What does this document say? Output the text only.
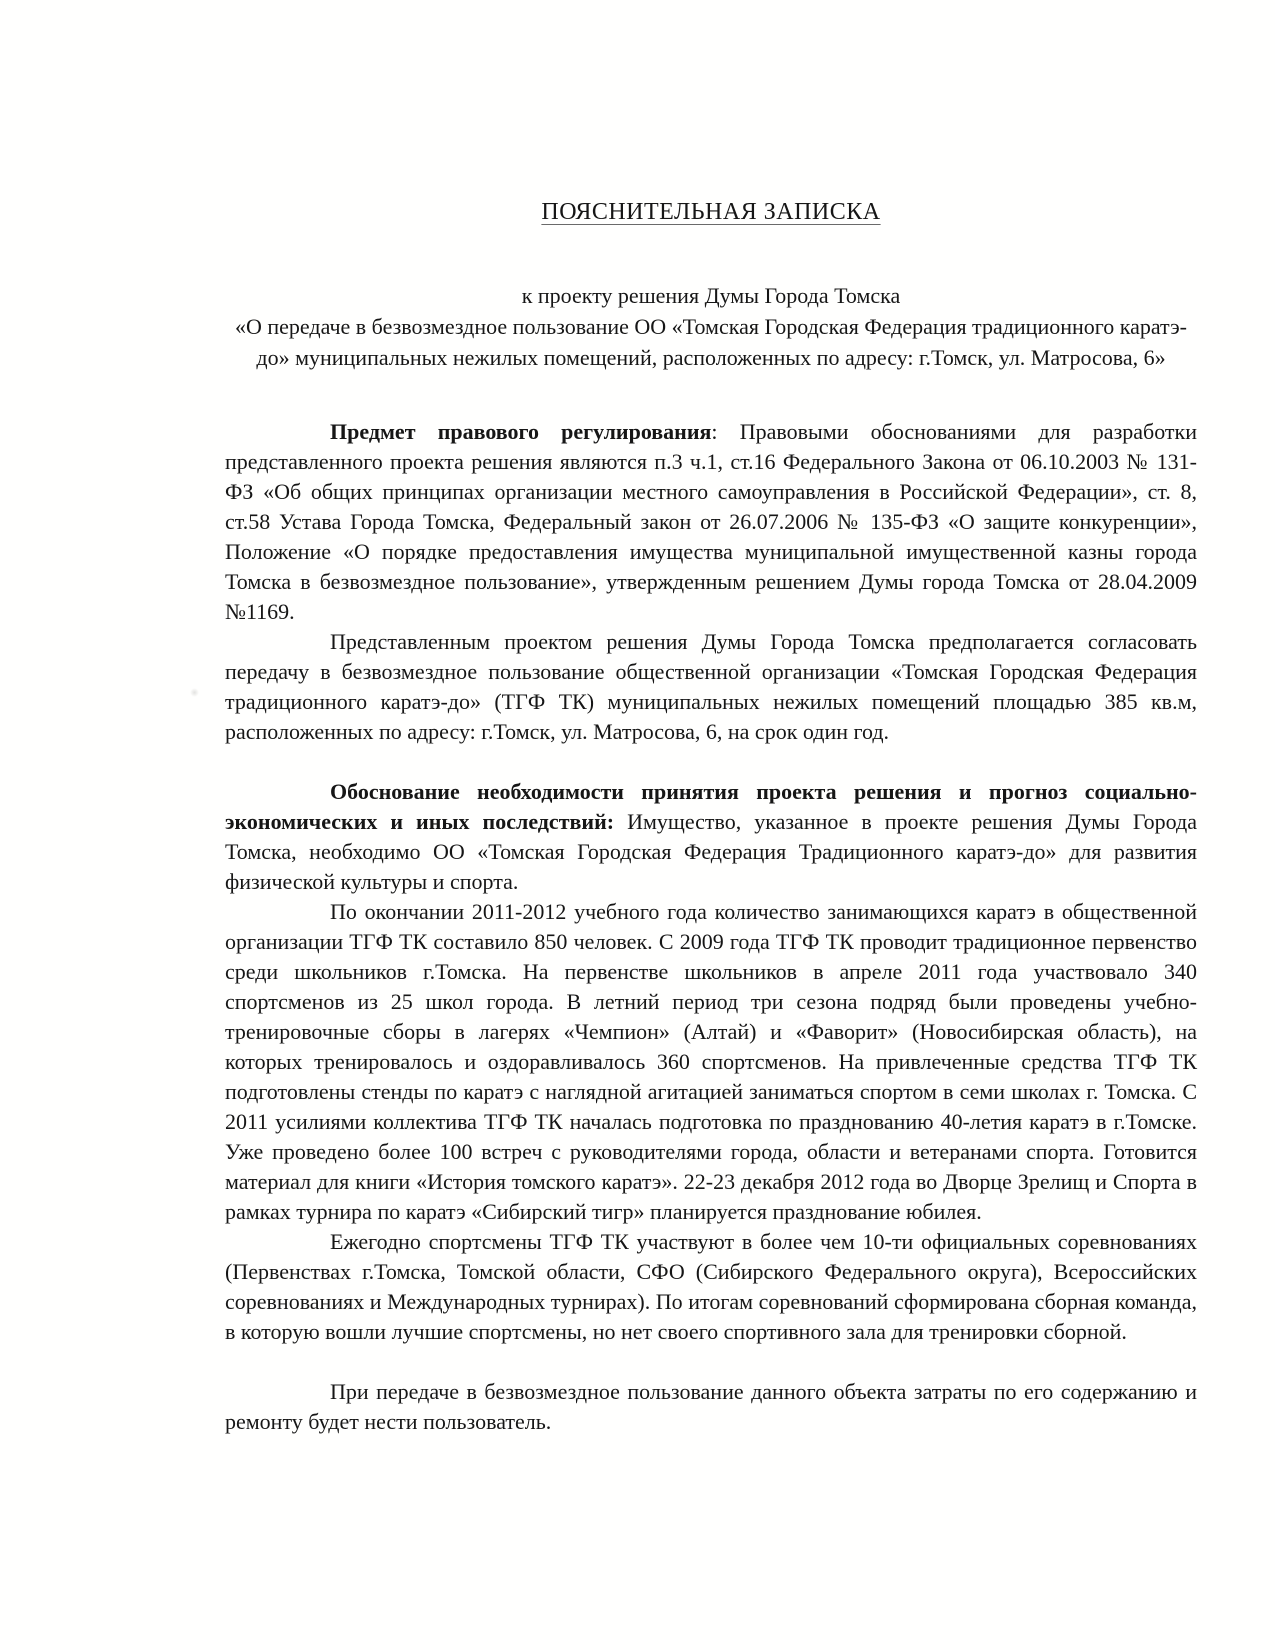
ПОЯСНИТЕЛЬНАЯ ЗАПИСКА
к проекту решения Думы Города Томска
«О передаче в безвозмездное пользование ОО «Томская Городская Федерация традиционного каратэ-до» муниципальных нежилых помещений, расположенных по адресу: г.Томск, ул. Матросова, 6»

Предмет правового регулирования: Правовыми обоснованиями для разработки представленного проекта решения являются п.3 ч.1, ст.16 Федерального Закона от 06.10.2003 № 131-ФЗ «Об общих принципах организации местного самоуправления в Российской Федерации», ст. 8, ст.58 Устава Города Томска, Федеральный закон от 26.07.2006 № 135-ФЗ «О защите конкуренции», Положение «О порядке предоставления имущества муниципальной имущественной казны города Томска в безвозмездное пользование», утвержденным решением Думы города Томска от 28.04.2009 №1169.

Представленным проектом решения Думы Города Томска предполагается согласовать передачу в безвозмездное пользование общественной организации «Томская Городская Федерация традиционного каратэ-до» (ТГФ ТК) муниципальных нежилых помещений площадью 385 кв.м, расположенных по адресу: г.Томск, ул. Матросова, 6, на срок один год.

Обоснование необходимости принятия проекта решения и прогноз социально-экономических и иных последствий: Имущество, указанное в проекте решения Думы Города Томска, необходимо ОО «Томская Городская Федерация Традиционного каратэ-до» для развития физической культуры и спорта.

По окончании 2011-2012 учебного года количество занимающихся каратэ в общественной организации ТГФ ТК составило 850 человек. С 2009 года ТГФ ТК проводит традиционное первенство среди школьников г.Томска. На первенстве школьников в апреле 2011 года участвовало 340 спортсменов из 25 школ города. В летний период три сезона подряд были проведены учебно-тренировочные сборы в лагерях «Чемпион» (Алтай) и «Фаворит» (Новосибирская область), на которых тренировалось и оздоравливалось 360 спортсменов. На привлеченные средства ТГФ ТК подготовлены стенды по каратэ с наглядной агитацией заниматься спортом в семи школах г. Томска. С 2011 усилиями коллектива ТГФ ТК началась подготовка по празднованию 40-летия каратэ в г.Томске. Уже проведено более 100 встреч с руководителями города, области и ветеранами спорта. Готовится материал для книги «История томского каратэ». 22-23 декабря 2012 года во Дворце Зрелищ и Спорта в рамках турнира по каратэ «Сибирский тигр» планируется празднование юбилея.

Ежегодно спортсмены ТГФ ТК участвуют в более чем 10-ти официальных соревнованиях (Первенствах г.Томска, Томской области, СФО (Сибирского Федерального округа), Всероссийских соревнованиях и Международных турнирах). По итогам соревнований сформирована сборная команда, в которую вошли лучшие спортсмены, но нет своего спортивного зала для тренировки сборной.

При передаче в безвозмездное пользование данного объекта затраты по его содержанию и ремонту будет нести пользователь.
